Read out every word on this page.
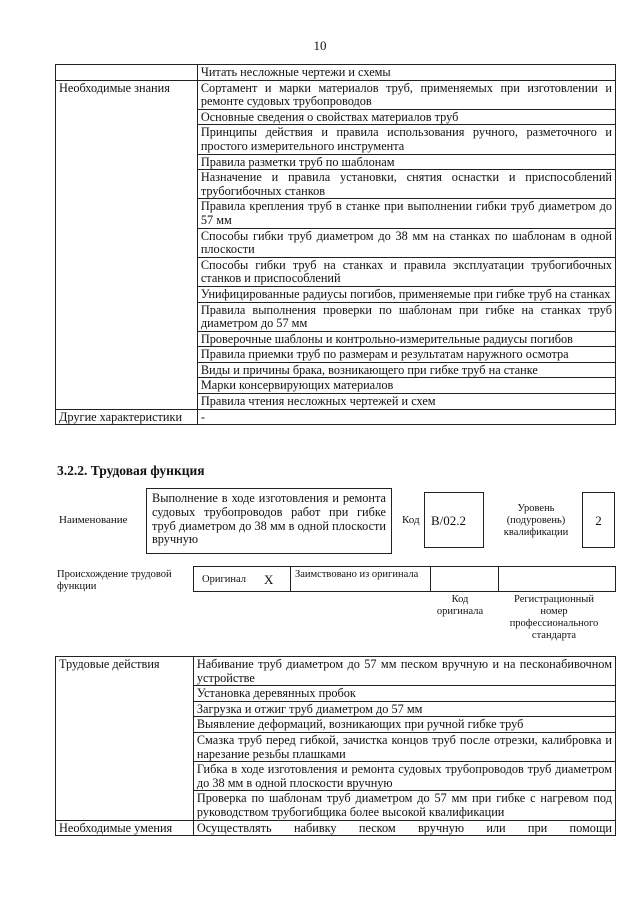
10
	Читать несложные чертежи и схемы
Необходимые знания	Сортамент и марки материалов труб, применяемых при изготовлении и ремонте судовых трубопроводов
	Основные сведения о свойствах материалов труб
	Принципы действия и правила использования ручного, разметочного и простого измерительного инструмента
	Правила разметки труб по шаблонам
	Назначение и правила установки, снятия оснастки и приспособлений трубогибочных станков
	Правила крепления труб в станке при выполнении гибки труб диаметром до 57 мм
	Способы гибки труб диаметром до 38 мм на станках по шаблонам в одной плоскости
	Способы гибки труб на станках и правила эксплуатации трубогибочных станков и приспособлений
	Унифицированные радиусы погибов, применяемые при гибке труб на станках
	Правила выполнения проверки по шаблонам при гибке на станках труб диаметром до 57 мм
	Проверочные шаблоны и контрольно-измерительные радиусы погибов
	Правила приемки труб по размерам и результатам наружного осмотра
	Виды и причины брака, возникающего при гибке труб на станке
	Марки консервирующих материалов
	Правила чтения несложных чертежей и схем
Другие характеристики	-
3.2.2. Трудовая функция
Наименование
Выполнение в ходе изготовления и ремонта судовых трубопроводов работ при гибке труб диаметром до 38 мм в одной плоскости вручную
Код B/02.2
Уровень (подуровень) квалификации
2
Происхождение трудовой функции
Оригинал X Заимствовано из оригинала
Код оригинала
Регистрационный номер профессионального стандарта
Трудовые действия	Набивание труб диаметром до 57 мм песком вручную и на песконабивочном устройстве
	Установка деревянных пробок
	Загрузка и отжиг труб диаметром до 57 мм
	Выявление деформаций, возникающих при ручной гибке труб
	Смазка труб перед гибкой, зачистка концов труб после отрезки, калибровка и нарезание резьбы плашками
	Гибка в ходе изготовления и ремонта судовых трубопроводов труб диаметром до 38 мм в одной плоскости вручную
	Проверка по шаблонам труб диаметром до 57 мм при гибке с нагревом под руководством трубогибщика более высокой квалификации
Необходимые умения	Осуществлять набивку песком вручную или при помощи
